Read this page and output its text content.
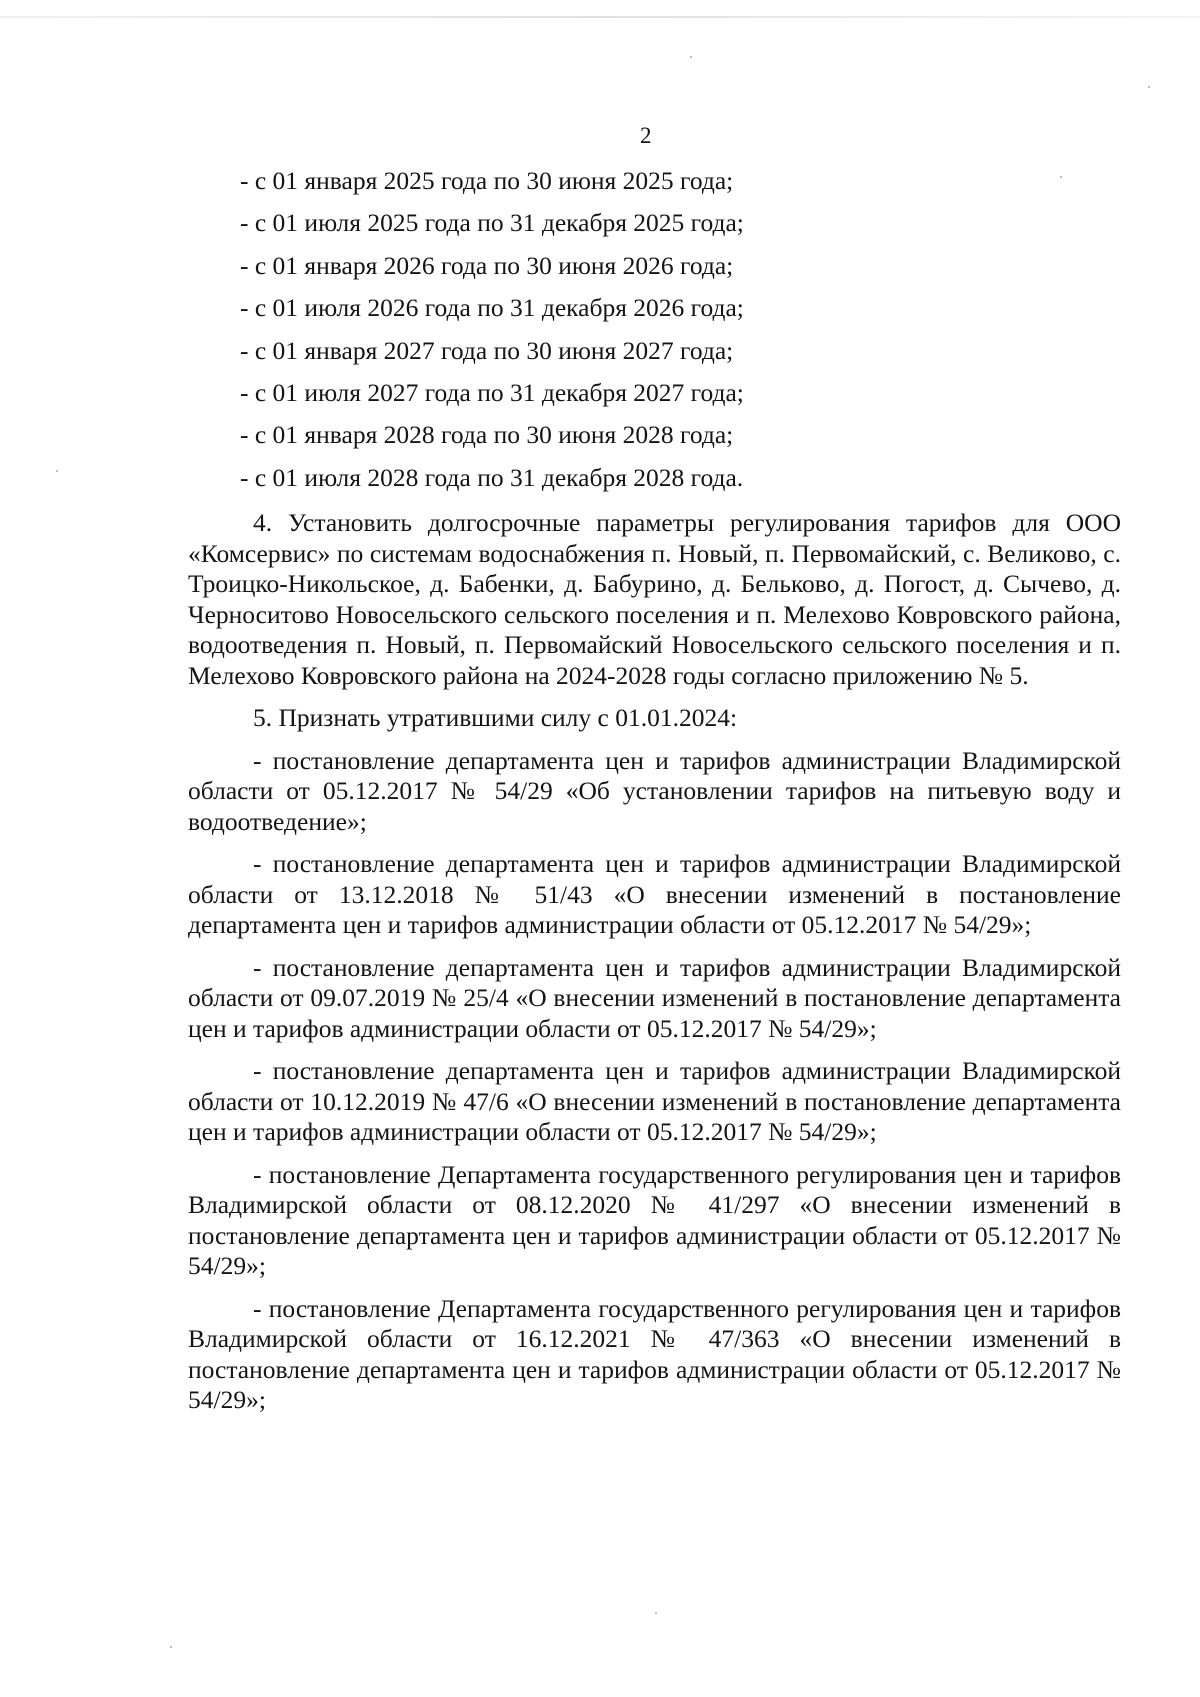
2
- с 01 января 2025 года по 30 июня 2025 года;
- с 01 июля 2025 года по 31 декабря 2025 года;
- с 01 января 2026 года по 30 июня 2026 года;
- с 01 июля 2026 года по 31 декабря 2026 года;
- с 01 января 2027 года по 30 июня 2027 года;
- с 01 июля 2027 года по 31 декабря 2027 года;
- с 01 января 2028 года по 30 июня 2028 года;
- с 01 июля 2028 года по 31 декабря 2028 года.

4. Установить долгосрочные параметры регулирования тарифов для ООО «Комсервис» по системам водоснабжения п. Новый, п. Первомайский, с. Великово, с. Троицко-Никольское, д. Бабенки, д. Бабурино, д. Бельково, д. Погост, д. Сычево, д. Черноситово Новосельского сельского поселения и п. Мелехово Ковровского района, водоотведения п. Новый, п. Первомайский Новосельского сельского поселения и п. Мелехово Ковровского района на 2024-2028 годы согласно приложению № 5.

5. Признать утратившими силу с 01.01.2024:

- постановление департамента цен и тарифов администрации Владимирской области от 05.12.2017 № 54/29 «Об установлении тарифов на питьевую воду и водоотведение»;

- постановление департамента цен и тарифов администрации Владимирской области от 13.12.2018 № 51/43 «О внесении изменений в постановление департамента цен и тарифов администрации области от 05.12.2017 № 54/29»;

- постановление департамента цен и тарифов администрации Владимирской области от 09.07.2019 № 25/4 «О внесении изменений в постановление департамента цен и тарифов администрации области от 05.12.2017 № 54/29»;

- постановление департамента цен и тарифов администрации Владимирской области от 10.12.2019 № 47/6 «О внесении изменений в постановление департамента цен и тарифов администрации области от 05.12.2017 № 54/29»;

- постановление Департамента государственного регулирования цен и тарифов Владимирской области от 08.12.2020 № 41/297 «О внесении изменений в постановление департамента цен и тарифов администрации области от 05.12.2017 № 54/29»;

- постановление Департамента государственного регулирования цен и тарифов Владимирской области от 16.12.2021 № 47/363 «О внесении изменений в постановление департамента цен и тарифов администрации области от 05.12.2017 № 54/29»;
